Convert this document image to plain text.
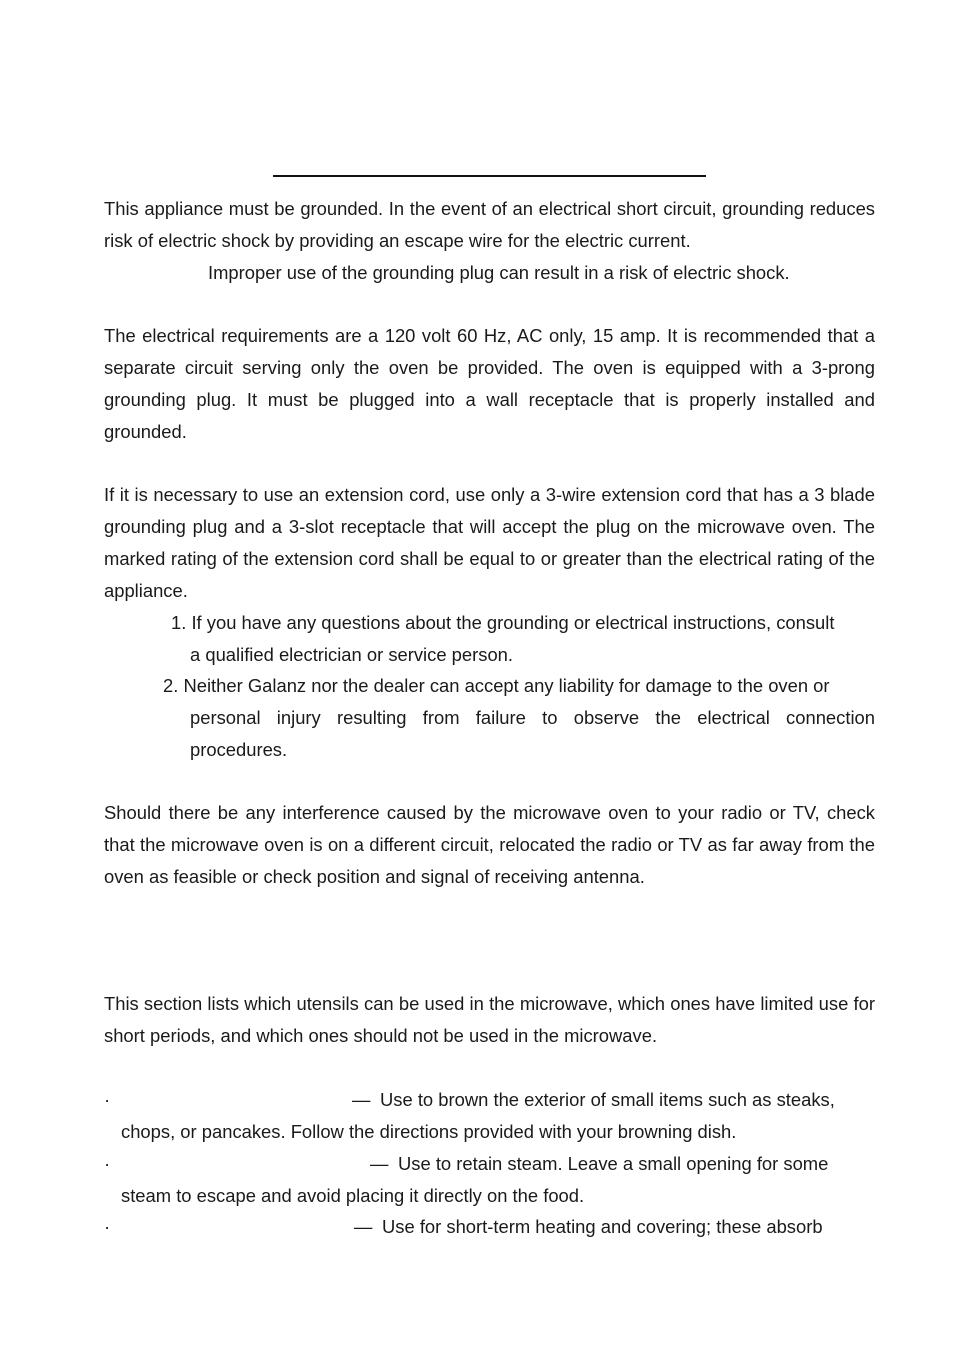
This appliance must be grounded. In the event of an electrical short circuit, grounding reduces risk of electric shock by providing an escape wire for the electric current.

Improper use of the grounding plug can result in a risk of electric shock.

The electrical requirements are a 120 volt 60 Hz, AC only, 15 amp. It is recommended that a separate circuit serving only the oven be provided. The oven is equipped with a 3-prong grounding plug. It must be plugged into a wall receptacle that is properly installed and grounded.

If it is necessary to use an extension cord, use only a 3-wire extension cord that has a 3 blade grounding plug and a 3-slot receptacle that will accept the plug on the microwave oven. The marked rating of the extension cord shall be equal to or greater than the electrical rating of the appliance.

1. If you have any questions about the grounding or electrical instructions, consult
a qualified electrician or service person.

2. Neither Galanz nor the dealer can accept any liability for damage to the oven or
personal injury resulting from failure to observe the electrical connection procedures.

Should there be any interference caused by the microwave oven to your radio or TV, check that the microwave oven is on a different circuit, relocated the radio or TV as far away from the oven as feasible or check position and signal of receiving antenna.

This section lists which utensils can be used in the microwave, which ones have limited use for short periods, and which ones should not be used in the microwave.

·	— Use to brown the exterior of small items such as steaks,
chops, or pancakes. Follow the directions provided with your browning dish.
·	— Use to retain steam. Leave a small opening for some
steam to escape and avoid placing it directly on the food.
·	— Use for short-term heating and covering; these absorb
